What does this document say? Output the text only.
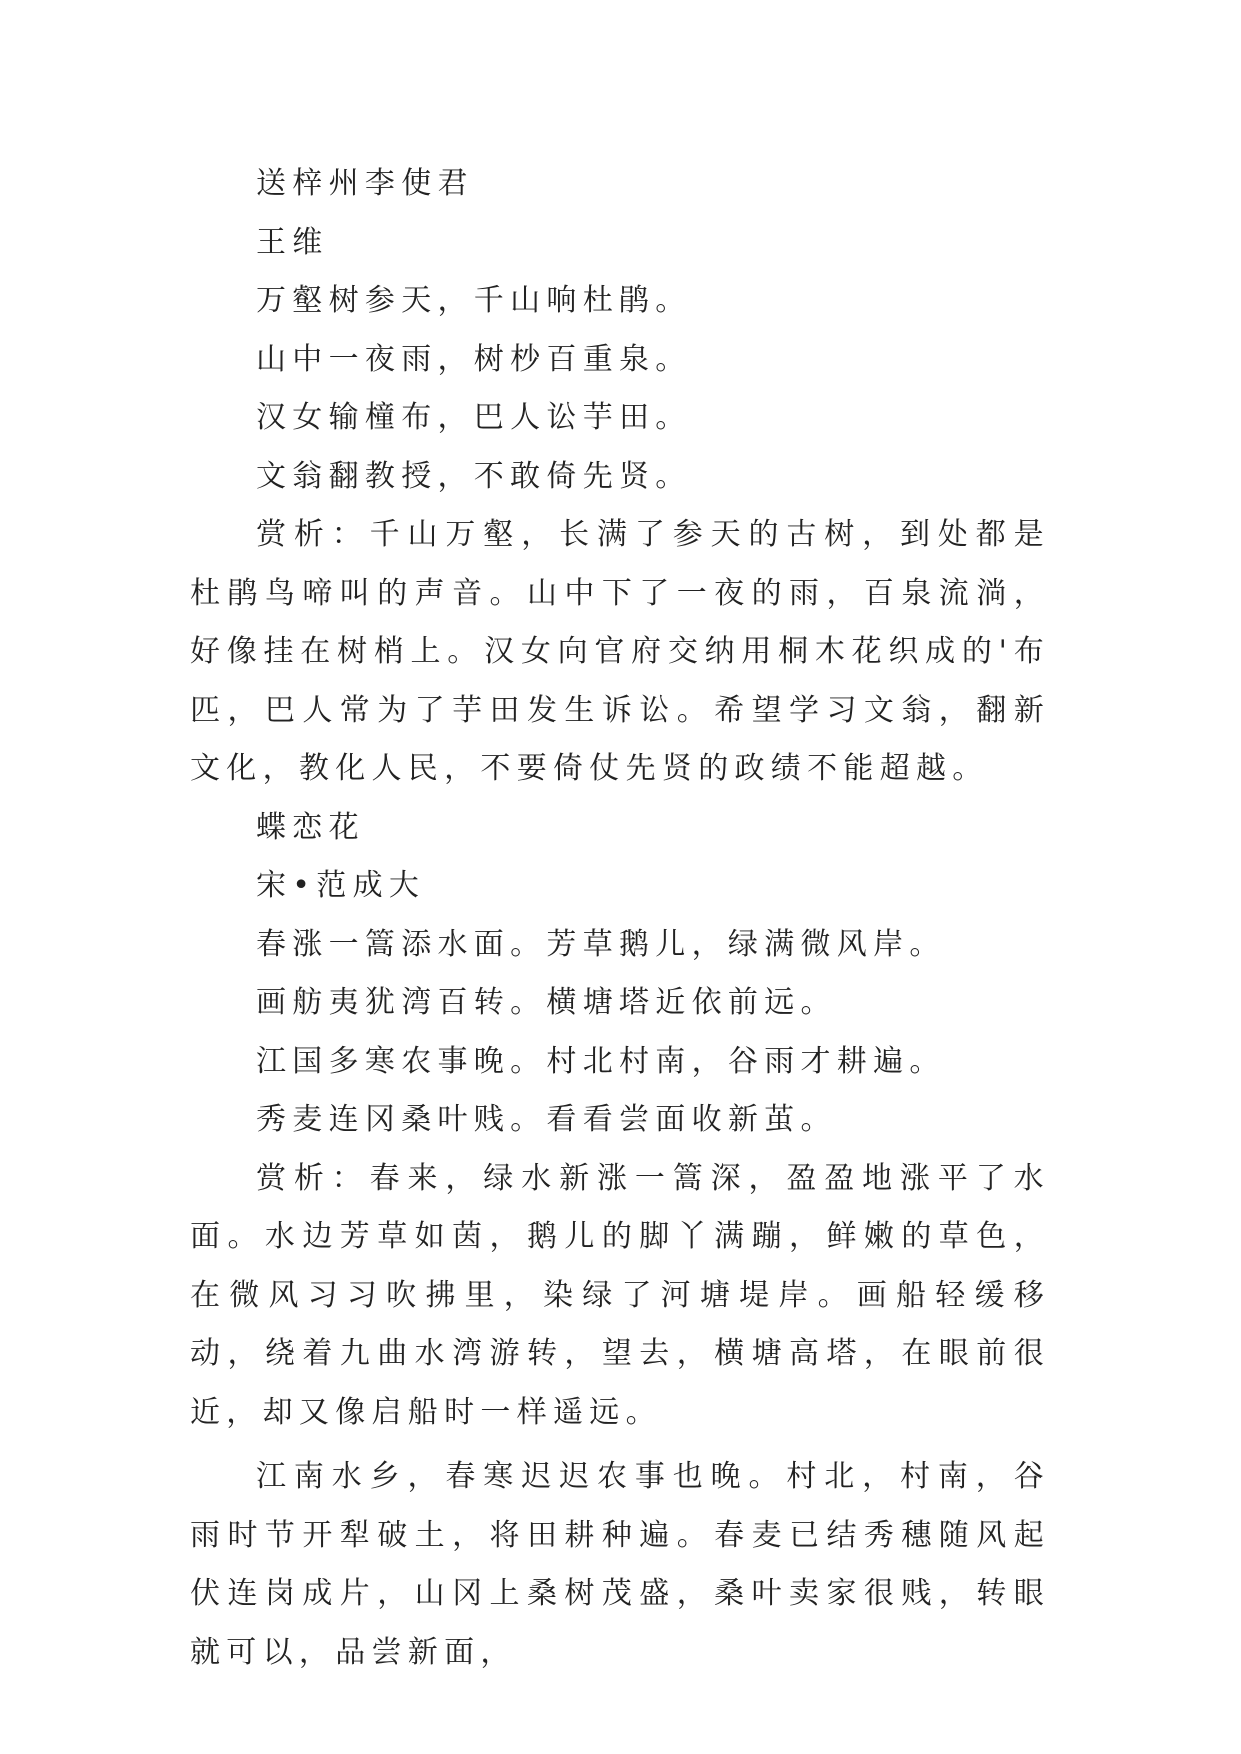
送梓州李使君

王维

万壑树参天，千山响杜鹃。

山中一夜雨，树杪百重泉。

汉女输橦布，巴人讼芋田。

文翁翻教授，不敢倚先贤。

赏析：千山万壑，长满了参天的古树，到处都是杜鹃鸟啼叫的声音。山中下了一夜的雨，百泉流淌，好像挂在树梢上。汉女向官府交纳用桐木花织成的'布匹，巴人常为了芋田发生诉讼。希望学习文翁，翻新文化，教化人民，不要倚仗先贤的政绩不能超越。

蝶恋花

宋•范成大

春涨一篙添水面。芳草鹅儿，绿满微风岸。

画舫夷犹湾百转。横塘塔近依前远。

江国多寒农事晚。村北村南，谷雨才耕遍。

秀麦连冈桑叶贱。看看尝面收新茧。

赏析：春来，绿水新涨一篙深，盈盈地涨平了水面。水边芳草如茵，鹅儿的脚丫满蹦，鲜嫩的草色，在微风习习吹拂里，染绿了河塘堤岸。画船轻缓移动，绕着九曲水湾游转，望去，横塘高塔，在眼前很近，却又像启船时一样遥远。

江南水乡，春寒迟迟农事也晚。村北，村南，谷雨时节开犁破土，将田耕种遍。春麦已结秀穗随风起伏连岗成片，山冈上桑树茂盛，桑叶卖家很贱，转眼就可以，品尝新面，
